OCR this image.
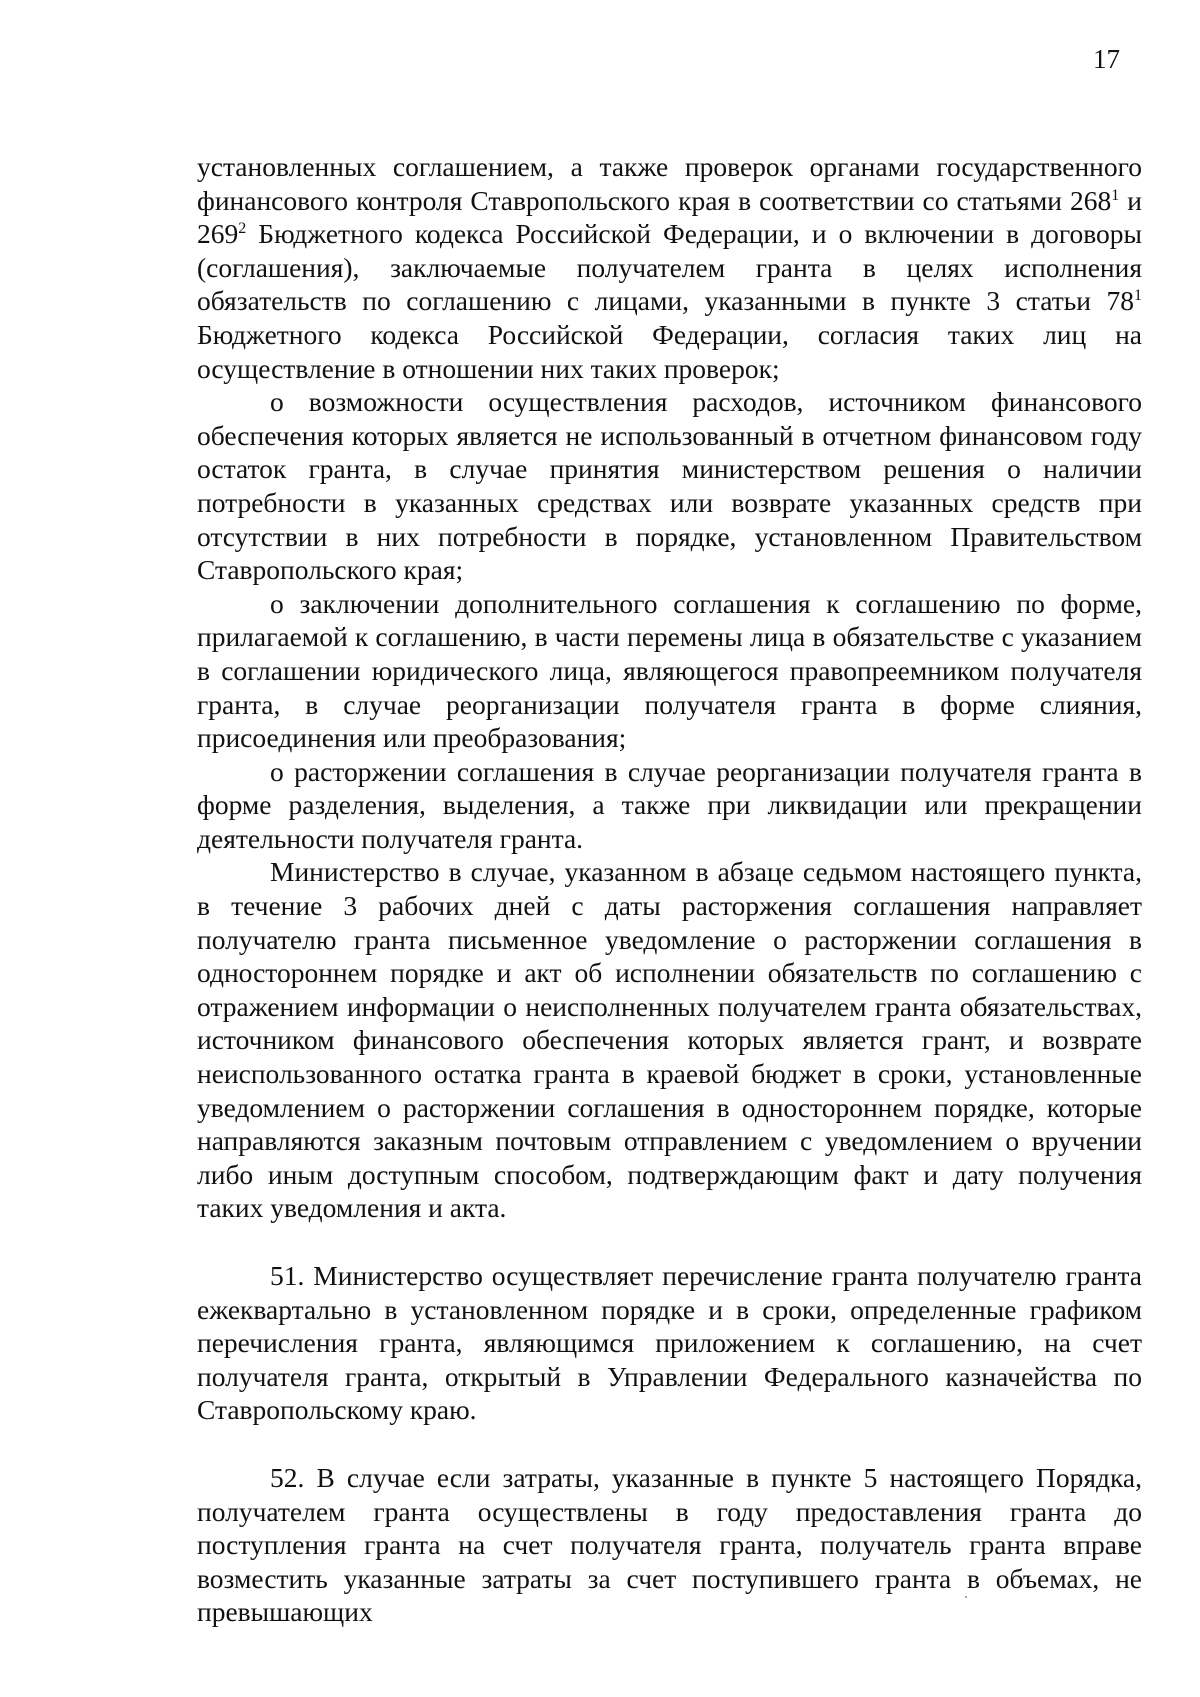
17

установленных соглашением, а также проверок органами государственного финансового контроля Ставропольского края в соответствии со статьями $268^1$ и $269^2$ Бюджетного кодекса Российской Федерации, и о включении в договоры (соглашения), заключаемые получателем гранта в целях исполнения обязательств по соглашению с лицами, указанными в пункте 3 статьи $78^1$ Бюджетного кодекса Российской Федерации, согласия таких лиц на осуществление в отношении них таких проверок;

о возможности осуществления расходов, источником финансового обеспечения которых является не использованный в отчетном финансовом году остаток гранта, в случае принятия министерством решения о наличии потребности в указанных средствах или возврате указанных средств при отсутствии в них потребности в порядке, установленном Правительством Ставропольского края;

о заключении дополнительного соглашения к соглашению по форме, прилагаемой к соглашению, в части перемены лица в обязательстве с указанием в соглашении юридического лица, являющегося правопреемником получателя гранта, в случае реорганизации получателя гранта в форме слияния, присоединения или преобразования;

о расторжении соглашения в случае реорганизации получателя гранта в форме разделения, выделения, а также при ликвидации или прекращении деятельности получателя гранта.

Министерство в случае, указанном в абзаце седьмом настоящего пункта, в течение 3 рабочих дней с даты расторжения соглашения направляет получателю гранта письменное уведомление о расторжении соглашения в одностороннем порядке и акт об исполнении обязательств по соглашению с отражением информации о неисполненных получателем гранта обязательствах, источником финансового обеспечения которых является грант, и возврате неиспользованного остатка гранта в краевой бюджет в сроки, установленные уведомлением о расторжении соглашения в одностороннем порядке, которые направляются заказным почтовым отправлением с уведомлением о вручении либо иным доступным способом, подтверждающим факт и дату получения таких уведомления и акта.

51. Министерство осуществляет перечисление гранта получателю гранта ежеквартально в установленном порядке и в сроки, определенные графиком перечисления гранта, являющимся приложением к соглашению, на счет получателя гранта, открытый в Управлении Федерального казначейства по Ставропольскому краю.

52. В случае если затраты, указанные в пункте 5 настоящего Порядка, получателем гранта осуществлены в году предоставления гранта до поступления гранта на счет получателя гранта, получатель гранта вправе возместить указанные затраты за счет поступившего гранта в объемах, не превышающих
